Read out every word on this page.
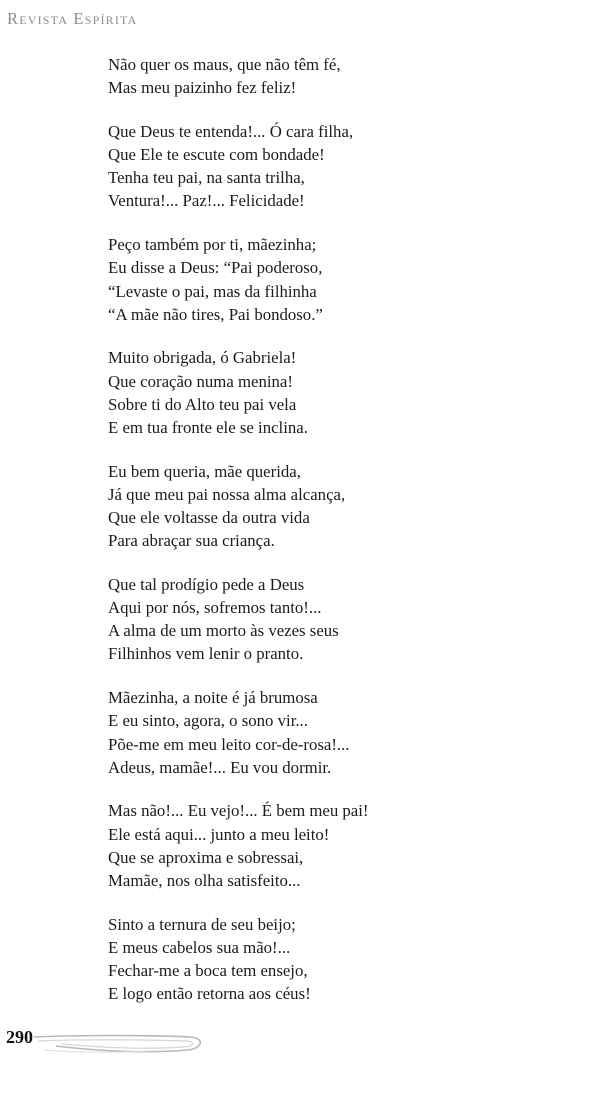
Revista Espírita
Não quer os maus, que não têm fé,
Mas meu paizinho fez feliz!
Que Deus te entenda!... Ó cara filha,
Que Ele te escute com bondade!
Tenha teu pai, na santa trilha,
Ventura!... Paz!... Felicidade!
Peço também por ti, mãezinha;
Eu disse a Deus: “Pai poderoso,
“Levaste o pai, mas da filhinha
“A mãe não tires, Pai bondoso.”
Muito obrigada, ó Gabriela!
Que coração numa menina!
Sobre ti do Alto teu pai vela
E em tua fronte ele se inclina.
Eu bem queria, mãe querida,
Já que meu pai nossa alma alcança,
Que ele voltasse da outra vida
Para abraçar sua criança.
Que tal prodígio pede a Deus
Aqui por nós, sofremos tanto!...
A alma de um morto às vezes seus
Filhinhos vem lenir o pranto.
Mãezinha, a noite é já brumosa
E eu sinto, agora, o sono vir...
Põe-me em meu leito cor-de-rosa!...
Adeus, mamãe!... Eu vou dormir.
Mas não!... Eu vejo!... É bem meu pai!
Ele está aqui... junto a meu leito!
Que se aproxima e sobressai,
Mamãe, nos olha satisfeito...
Sinto a ternura de seu beijo;
E meus cabelos sua mão!...
Fechar-me a boca tem ensejo,
E logo então retorna aos céus!
290
